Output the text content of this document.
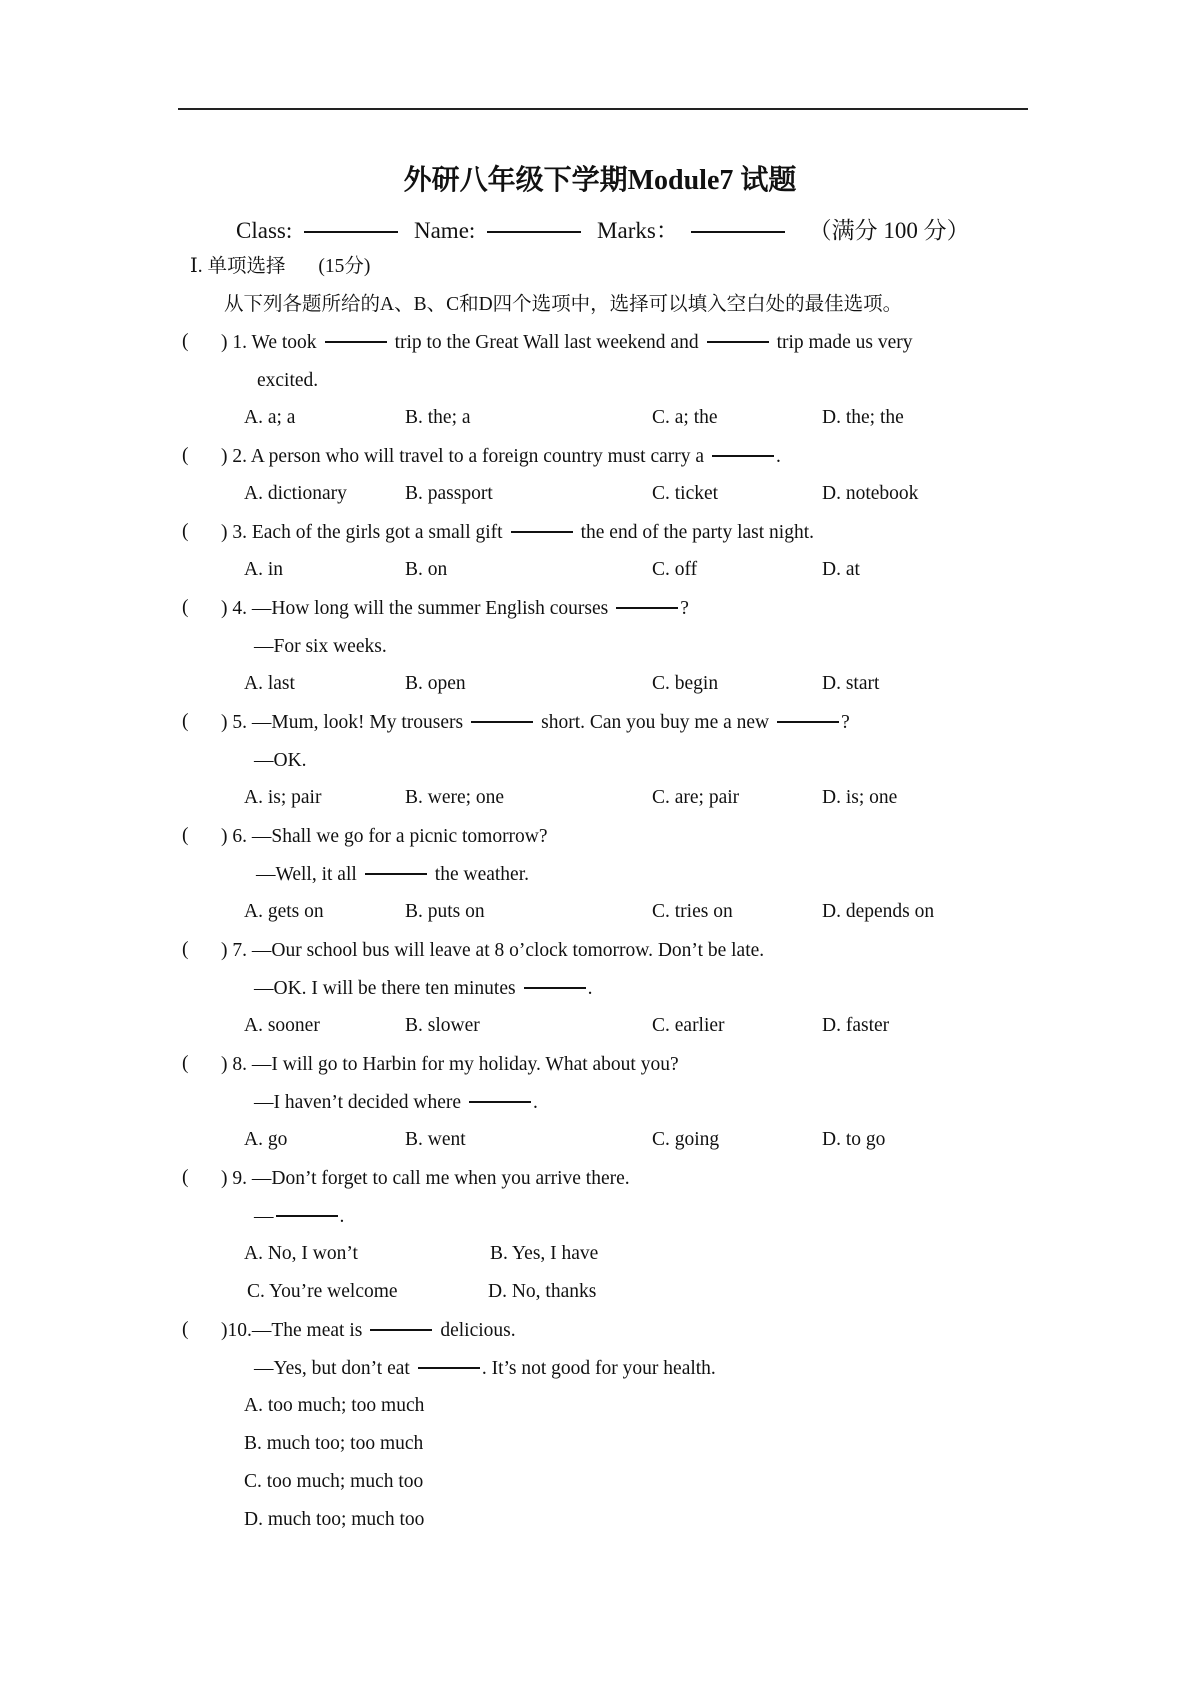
外研八年级下学期Module7 试题
Class:	Name:	Marks：	（满分 100 分）
Ⅰ. 单项选择 (15分)
从下列各题所给的A、B、C和D四个选项中，选择可以填入空白处的最佳选项。
( ) 1. We took	trip to the Great Wall last weekend and	trip made us very
excited.
A. a; a	B. the; a	C. a; the	D. the; the
( ) 2. A person who will travel to a foreign country must carry a	.
A. dictionary	B. passport	C. ticket	D. notebook
( ) 3. Each of the girls got a small gift	the end of the party last night.
A. in	B. on	C. off	D. at
( ) 4. —How long will the summer English courses	?
—For six weeks.
A. last	B. open	C. begin	D. start
( ) 5. —Mum, look! My trousers	short. Can you buy me a new	?
—OK.
A. is; pair	B. were; one	C. are; pair	D. is; one
( ) 6. —Shall we go for a picnic tomorrow?
—Well, it all	the weather.
A. gets on	B. puts on	C. tries on	D. depends on
( ) 7. —Our school bus will leave at 8 o’clock tomorrow. Don’t be late.
—OK. I will be there ten minutes	.
A. sooner	B. slower	C. earlier	D. faster
( ) 8. —I will go to Harbin for my holiday. What about you?
—I haven’t decided where	.
A. go	B. went	C. going	D. to go
( ) 9. —Don’t forget to call me when you arrive there.
—	.
A. No, I won’t	B. Yes, I have
C. You’re welcome	D. No, thanks
( )10.—The meat is	delicious.
—Yes, but don’t eat	. It’s not good for your health.
A. too much; too much
B. much too; too much
C. too much; much too
D. much too; much too
